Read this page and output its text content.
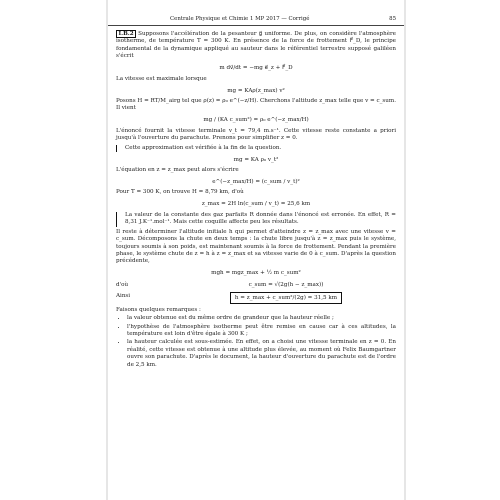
Centrale Physique et Chimie 1 MP 2017 — Corrigé	85

I.B.2 Supposons l'accélération de la pesanteur g⃗ uniforme. De plus, on considère l'atmosphère isotherme, de température T = 300 K. En présence de la force de frottement F⃗_D, le principe fondamental de la dynamique appliqué au sauteur dans le référentiel terrestre supposé galiléen s'écrit

m dv⃗/dt = −mg e⃗_z + F⃗_D

La vitesse est maximale lorsque

mg = KAρ(z_max) v²

Posons H = RT/M_airg tel que ρ(z) = ρ₀ e^(−z/H). Cherchons l'altitude z_max telle que v = c_sum. Il vient

mg / (KA c_sum²) = ρ₀ e^(−z_max/H)

L'énoncé fournit la vitesse terminale v_t = 79,4 m.s⁻¹. Cette vitesse reste constante a priori jusqu'à l'ouverture du parachute. Prenons pour simplifier z = 0.

Cette approximation est vérifiée à la fin de la question.

mg = KA ρ₀ v_t²

L'équation en z = z_max peut alors s'écrire

e^(−z_max/H) = (c_sum / v_t)²

Pour T = 300 K, on trouve H = 8,79 km, d'où

z_max = 2H ln(c_sum / v_t) = 25,6 km

La valeur de la constante des gaz parfaits R donnée dans l'énoncé est erronée. En effet, R = 8,31 J.K⁻¹.mol⁻¹. Mais cette coquille affecte peu les résultats.

Il reste à déterminer l'altitude initiale h qui permet d'atteindre z = z_max avec une vitesse v = c_sum. Décomposons la chute en deux temps : la chute libre jusqu'à z = z_max puis le système, toujours soumis à son poids, est maintenant soumis à la force de frottement. Pendant la première phase, le système chute de z = h à z = z_max et sa vitesse varie de 0 à c_sum. D'après la question précédente,

mgh = mgz_max + ½ m c_sum²
d'où	c_sum = √(2g(h − z_max))
Ainsi	h = z_max + c_sum²/(2g) = 31,5 km

Faisons quelques remarques :

• la valeur obtenue est du même ordre de grandeur que la hauteur réelle ;
• l'hypothèse de l'atmosphère isotherme peut être remise en cause car à ces altitudes, la température est loin d'être égale à 300 K ;
• la hauteur calculée est sous-estimée. En effet, on a choisi une vitesse terminale en z = 0. En réalité, cette vitesse est obtenue à une altitude plus élevée, au moment où Felix Baumgartner ouvre son parachute. D'après le document, la hauteur d'ouverture du parachute est de l'ordre de 2,5 km.
